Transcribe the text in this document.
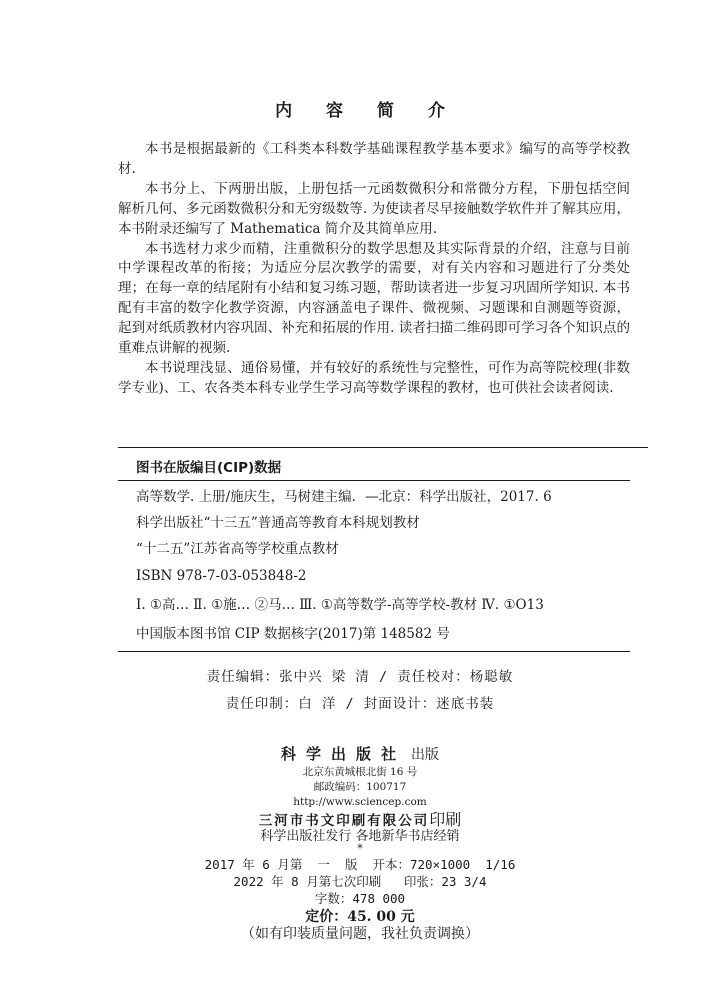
内 容 简 介

本书是根据最新的《工科类本科数学基础课程教学基本要求》编写的高等学校教材.

本书分上、下两册出版，上册包括一元函数微积分和常微分方程，下册包括空间解析几何、多元函数微积分和无穷级数等. 为使读者尽早接触数学软件并了解其应用，本书附录还编写了 Mathematica 简介及其简单应用.

本书选材力求少而精，注重微积分的数学思想及其实际背景的介绍，注意与目前中学课程改革的衔接；为适应分层次教学的需要，对有关内容和习题进行了分类处理；在每一章的结尾附有小结和复习练习题，帮助读者进一步复习巩固所学知识. 本书配有丰富的数字化教学资源，内容涵盖电子课件、微视频、习题课和自测题等资源，起到对纸质教材内容巩固、补充和拓展的作用. 读者扫描二维码即可学习各个知识点的重难点讲解的视频.

本书说理浅显、通俗易懂，并有较好的系统性与完整性，可作为高等院校理(非数学专业)、工、农各类本科专业学生学习高等数学课程的教材，也可供社会读者阅读.

图书在版编目(CIP)数据
高等数学. 上册/施庆生，马树建主编．—北京：科学出版社，2017. 6
科学出版社“十三五”普通高等教育本科规划教材
“十二五”江苏省高等学校重点教材
ISBN 978-7-03-053848-2
Ⅰ. ①高… Ⅱ. ①施… ②马… Ⅲ. ①高等数学-高等学校-教材 Ⅳ. ①O13
中国版本图书馆 CIP 数据核字(2017)第 148582 号
责任编辑：张中兴 梁 清 / 责任校对：杨聪敏
责任印制：白 洋 / 封面设计：迷底书装
科学出版社 出版
北京东黄城根北街 16 号
邮政编码：100717
http://www.sciencep.com
三河市书文印刷有限公司印刷
科学出版社发行 各地新华书店经销
*
2017 年 6 月第  一  版  开本：720×1000  1/16
2022 年 8 月第七次印刷   印张：23 3/4
字数：478 000
定价：45. 00 元
（如有印装质量问题，我社负责调换）
